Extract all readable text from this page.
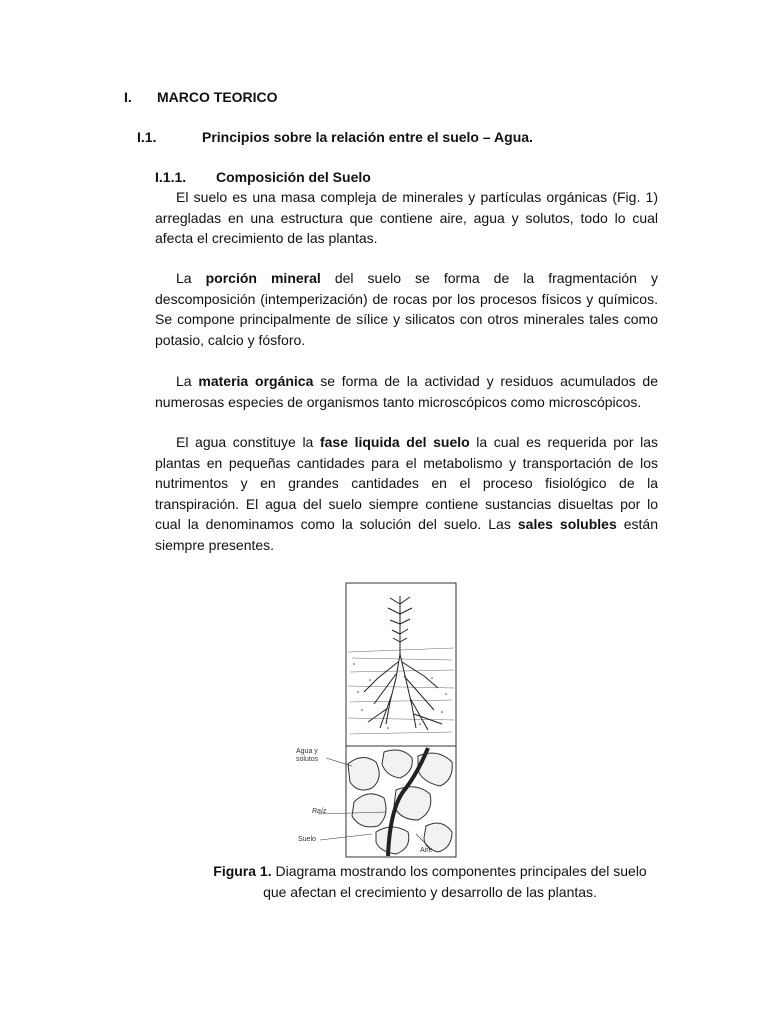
I. MARCO TEORICO
I.1.	Principios sobre la relación entre el suelo – Agua.
I.1.1. Composición del Suelo

El suelo es una masa compleja de minerales y partículas orgánicas (Fig. 1) arregladas en una estructura que contiene aire, agua y solutos, todo lo cual afecta el crecimiento de las plantas.

La porción mineral del suelo se forma de la fragmentación y descomposición (intemperización) de rocas por los procesos físicos y químicos. Se compone principalmente de sílice y silicatos con otros minerales tales como potasio, calcio y fósforo.

La materia orgánica se forma de la actividad y residuos acumulados de numerosas especies de organismos tanto microscópicos como microscópicos.

El agua constituye la fase liquida del suelo la cual es requerida por las plantas en pequeñas cantidades para el metabolismo y transportación de los nutrimentos y en grandes cantidades en el proceso fisiológico de la transpiración. El agua del suelo siempre contiene sustancias disueltas por lo cual la denominamos como la solución del suelo. Las sales solubles están siempre presentes.

Agua y
solutos
Raíz
Suelo
Aire
Figura 1. Diagrama mostrando los componentes principales del suelo
que afectan el crecimiento y desarrollo de las plantas.
